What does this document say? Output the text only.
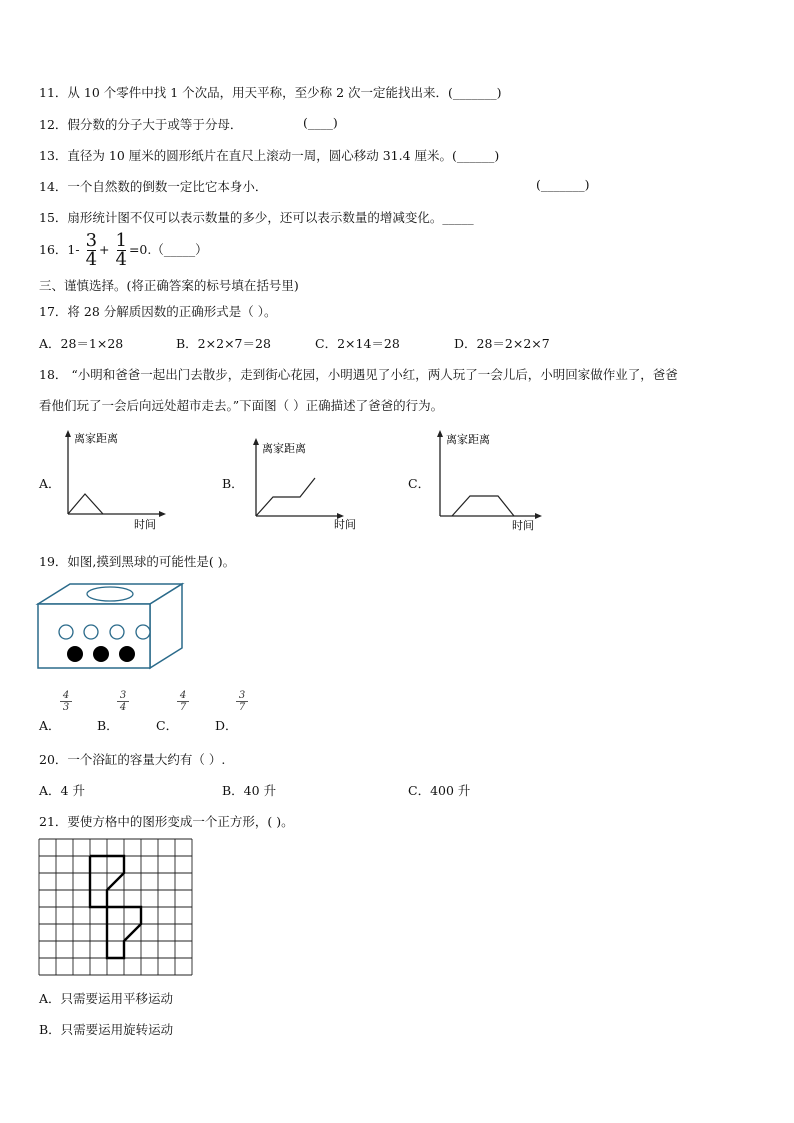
11．从 10 个零件中找 1 个次品，用天平称，至少称 2 次一定能找出来．(_______)
12．假分数的分子大于或等于分母．	(____)
13．直径为 10 厘米的圆形纸片在直尺上滚动一周，圆心移动 31.4 厘米。(______)
14．一个自然数的倒数一定比它本身小．	(_______)
15．扇形统计图不仅可以表示数量的多少，还可以表示数量的增减变化。_____
16．$1- \frac{3}{4} + \frac{1}{4}$ =0.（_____）
三、谨慎选择。(将正确答案的标号填在括号里)
17．将 28 分解质因数的正确形式是（ ）。
A．28＝1×28	B．2×2×7＝28	C．2×14＝28	D．28＝2×2×7
18． “小明和爸爸一起出门去散步，走到街心花园，小明遇见了小红，两人玩了一会儿后，小明回家做作业了，爸爸
看他们玩了一会后向远处超市走去。”下面图（ ）正确描述了爸爸的行为。
A．	B．	C．
离家距离
时间
离家距离
时间
离家距离
时间
19．如图,摸到黑球的可能性是( )。
A．
4
3
B．
3
4
C．
4
7
D．
3
7
20．一个浴缸的容量大约有（ ）.
A．4 升	B．40 升	C．400 升
21．要使方格中的图形变成一个正方形，( )。
A．只需要运用平移运动
B．只需要运用旋转运动
